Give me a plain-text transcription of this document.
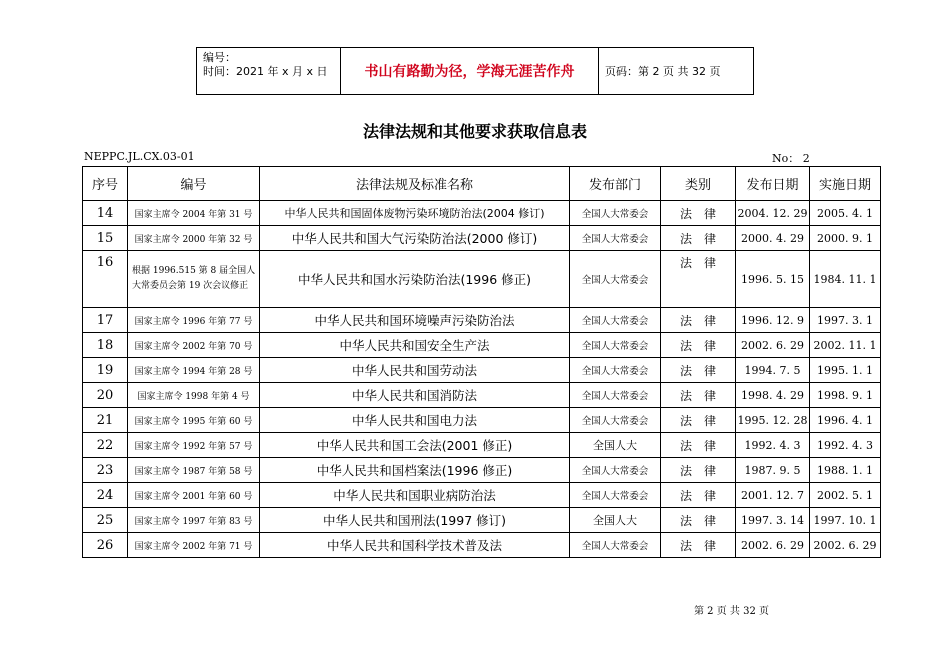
编号：
时间：2021 年 x 月 x 日	书山有路勤为径，学海无涯苦作舟	页码：第 2 页 共 32 页
法律法规和其他要求获取信息表
NEPPC.JL.CX.03-01	No： 2
序号	编号	法律法规及标准名称	发布部门	类别	发布日期	实施日期
14	国家主席令 2004 年第 31 号	中华人民共和国固体废物污染环境防治法(2004 修订)	全国人大常委会	法　律	2004. 12. 29	2005. 4. 1
15	国家主席令 2000 年第 32 号	中华人民共和国大气污染防治法(2000 修订)	全国人大常委会	法　律	2000. 4. 29	2000. 9. 1
16	根据 1996.515 第 8 届全国人大常委员会第 19 次会议修正	中华人民共和国水污染防治法(1996 修正)	全国人大常委会	法　律	1996. 5. 15	1984. 11. 1
17	国家主席令 1996 年第 77 号	中华人民共和国环境噪声污染防治法	全国人大常委会	法　律	1996. 12. 9	1997. 3. 1
18	国家主席令 2002 年第 70 号	中华人民共和国安全生产法	全国人大常委会	法　律	2002. 6. 29	2002. 11. 1
19	国家主席令 1994 年第 28 号	中华人民共和国劳动法	全国人大常委会	法　律	1994. 7. 5	1995. 1. 1
20	国家主席令 1998 年第 4 号	中华人民共和国消防法	全国人大常委会	法　律	1998. 4. 29	1998. 9. 1
21	国家主席令 1995 年第 60 号	中华人民共和国电力法	全国人大常委会	法　律	1995. 12. 28	1996. 4. 1
22	国家主席令 1992 年第 57 号	中华人民共和国工会法(2001 修正)	全国人大	法　律	1992. 4. 3	1992. 4. 3
23	国家主席令 1987 年第 58 号	中华人民共和国档案法(1996 修正)	全国人大常委会	法　律	1987. 9. 5	1988. 1. 1
24	国家主席令 2001 年第 60 号	中华人民共和国职业病防治法	全国人大常委会	法　律	2001. 12. 7	2002. 5. 1
25	国家主席令 1997 年第 83 号	中华人民共和国刑法(1997 修订)	全国人大	法　律	1997. 3. 14	1997. 10. 1
26	国家主席令 2002 年第 71 号	中华人民共和国科学技术普及法	全国人大常委会	法　律	2002. 6. 29	2002. 6. 29
第 2 页 共 32 页
